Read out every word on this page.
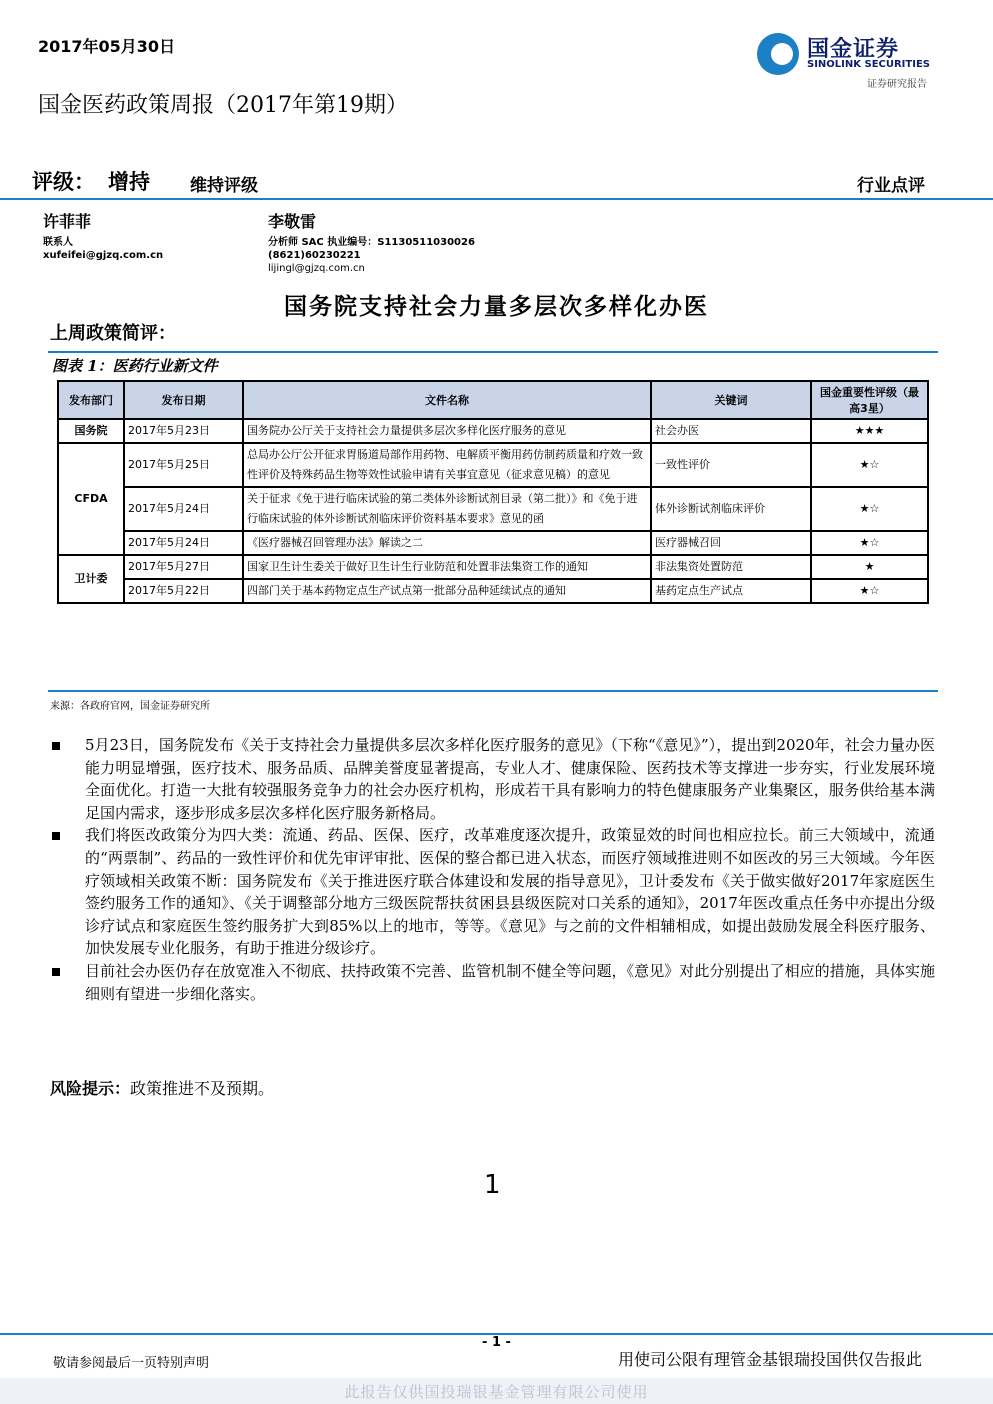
2017年05月30日	国金证券
SINOLINK SECURITIES
证券研究报告
国金医药政策周报（2017年第19期）
评级： 增持 维持评级	行业点评
许菲菲
联系人
xufeifei@gjzq.com.cn
李敬雷
分析师 SAC 执业编号：S1130511030026
(8621)60230221
lijingl@gjzq.com.cn
国务院支持社会力量多层次多样化办医
上周政策简评：
图表 1：医药行业新文件
发布部门	发布日期	文件名称	关键词	国金重要性评级（最高3星）
国务院	2017年5月23日	国务院办公厅关于支持社会力量提供多层次多样化医疗服务的意见	社会办医	★★★
CFDA	2017年5月25日	总局办公厅公开征求胃肠道局部作用药物、电解质平衡用药仿制药质量和疗效一致性评价及特殊药品生物等效性试验申请有关事宜意见（征求意见稿）的意见	一致性评价	★☆
	2017年5月24日	关于征求《免于进行临床试验的第二类体外诊断试剂目录（第二批）》和《免于进行临床试验的体外诊断试剂临床评价资料基本要求》意见的函	体外诊断试剂临床评价	★☆
	2017年5月24日	《医疗器械召回管理办法》解读之二	医疗器械召回	★☆
卫计委	2017年5月27日	国家卫生计生委关于做好卫生计生行业防范和处置非法集资工作的通知	非法集资处置防范	★
	2017年5月22日	四部门关于基本药物定点生产试点第一批部分品种延续试点的通知	基药定点生产试点	★☆
来源：各政府官网，国金证券研究所
5月23日，国务院发布《关于支持社会力量提供多层次多样化医疗服务的意见》（下称“《意见》”），提出到2020年，社会力量办医能力明显增强，医疗技术、服务品质、品牌美誉度显著提高，专业人才、健康保险、医药技术等支撑进一步夯实，行业发展环境全面优化。打造一大批有较强服务竞争力的社会办医疗机构，形成若干具有影响力的特色健康服务产业集聚区，服务供给基本满足国内需求，逐步形成多层次多样化医疗服务新格局。
我们将医改政策分为四大类：流通、药品、医保、医疗，改革难度逐次提升，政策显效的时间也相应拉长。前三大领域中，流通的“两票制”、药品的一致性评价和优先审评审批、医保的整合都已进入状态，而医疗领域推进则不如医改的另三大领域。今年医疗领域相关政策不断：国务院发布《关于推进医疗联合体建设和发展的指导意见》，卫计委发布《关于做实做好2017年家庭医生签约服务工作的通知》、《关于调整部分地方三级医院帮扶贫困县县级医院对口关系的通知》，2017年医改重点任务中亦提出分级诊疗试点和家庭医生签约服务扩大到85%以上的地市，等等。《意见》与之前的文件相辅相成，如提出鼓励发展全科医疗服务、加快发展专业化服务，有助于推进分级诊疗。
目前社会办医仍存在放宽准入不彻底、扶持政策不完善、监管机制不健全等问题，《意见》对此分别提出了相应的措施，具体实施细则有望进一步细化落实。
风险提示：政策推进不及预期。
1
- 1 -
敬请参阅最后一页特别声明	用使司公限有理管金基银瑞投国供仅告报此
此报告仅供国投瑞银基金管理有限公司使用
